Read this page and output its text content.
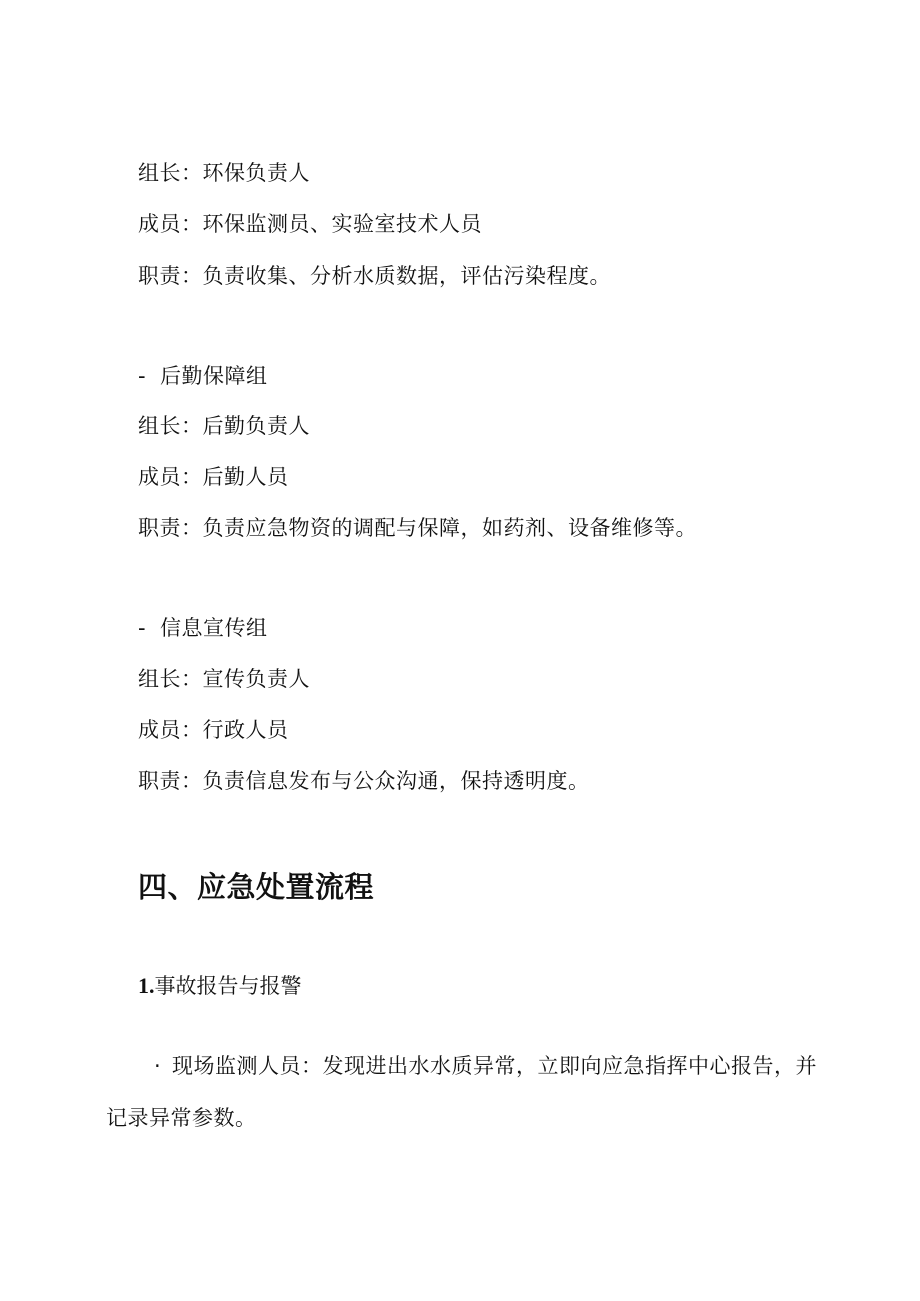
组长：环保负责人
成员：环保监测员、实验室技术人员
职责：负责收集、分析水质数据，评估污染程度。
- 后勤保障组
组长：后勤负责人
成员：后勤人员
职责：负责应急物资的调配与保障，如药剂、设备维修等。
- 信息宣传组
组长：宣传负责人
成员：行政人员
职责：负责信息发布与公众沟通，保持透明度。
四、应急处置流程
1.事故报告与报警
· 现场监测人员：发现进出水水质异常，立即向应急指挥中心报告，并记录异常参数。
